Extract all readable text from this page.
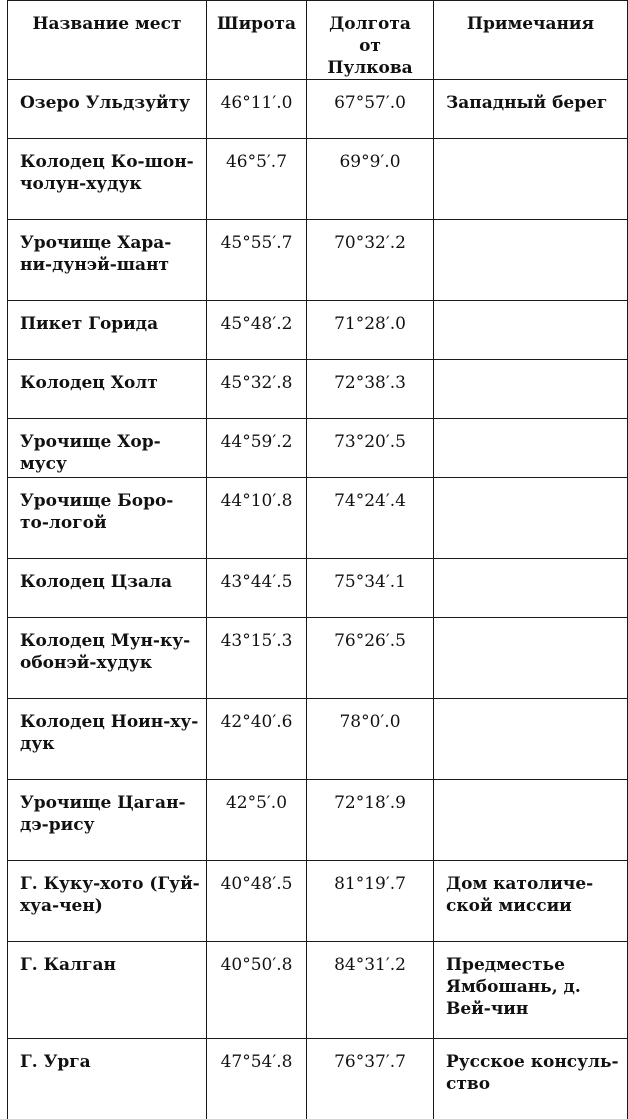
Название мест	Широта	Долгота от Пулкова	Примечания
Озеро Ульдзуйту	46°11′.0	67°57′.0	Западный берег
Колодец Ко-шон-чолун-худук	46°5′.7	69°9′.0	
Урочище Хара-ни-дунэй-шант	45°55′.7	70°32′.2	
Пикет Горида	45°48′.2	71°28′.0	
Колодец Холт	45°32′.8	72°38′.3	
Урочище Хор-мусу	44°59′.2	73°20′.5	
Урочище Боро-то-логой	44°10′.8	74°24′.4	
Колодец Цзала	43°44′.5	75°34′.1	
Колодец Мун-ку-обонэй-худук	43°15′.3	76°26′.5	
Колодец Ноин-ху-дук	42°40′.6	78°0′.0	
Урочище Цаган-дэ-рису	42°5′.0	72°18′.9	
Г. Куку-хото (Гуй-хуа-чен)	40°48′.5	81°19′.7	Дом католиче-ской миссии
Г. Калган	40°50′.8	84°31′.2	Предместье Ямбошань, д. Вей-чин
Г. Урга	47°54′.8	76°37′.7	Русское консуль-ство
